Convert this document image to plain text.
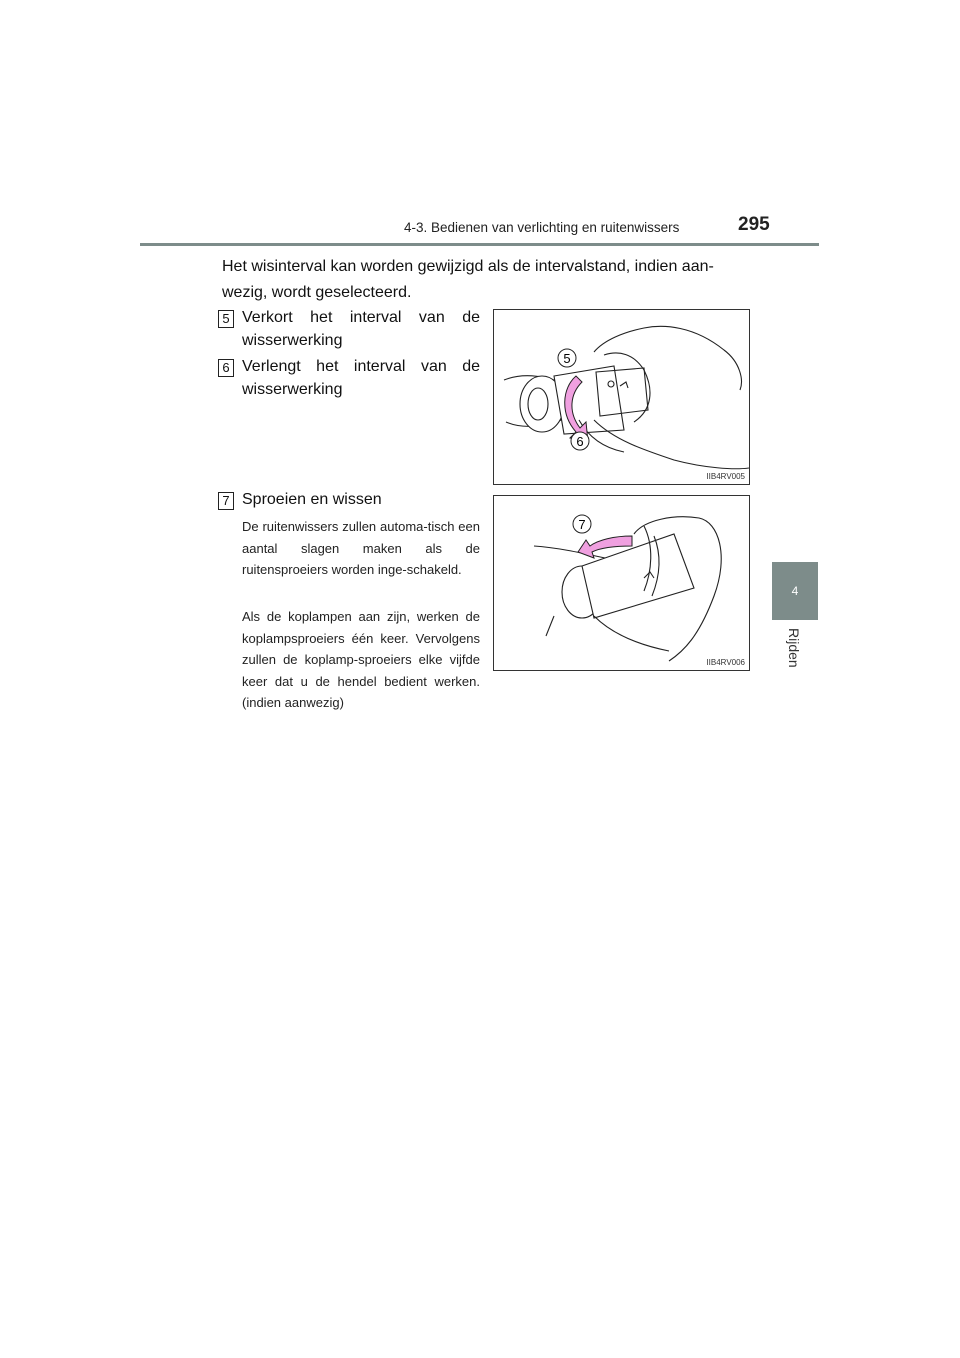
4-3. Bedienen van verlichting en ruitenwissers	295
4
Rijden
Het wisinterval kan worden gewijzigd als de intervalstand, indien aan-wezig, wordt geselecteerd.
5 Verkort het interval van de wisserwerking
6 Verlengt het interval van de wisserwerking
7 Sproeien en wissen

De ruitenwissers zullen automa-tisch een aantal slagen maken als de ruitensproeiers worden inge-schakeld.

Als de koplampen aan zijn, werken de koplampsproeiers één keer. Vervolgens zullen de koplamp-sproeiers elke vijfde keer dat u de hendel bedient werken. (indien aanwezig)

5
6
IIB4RV005
7
IIB4RV006
